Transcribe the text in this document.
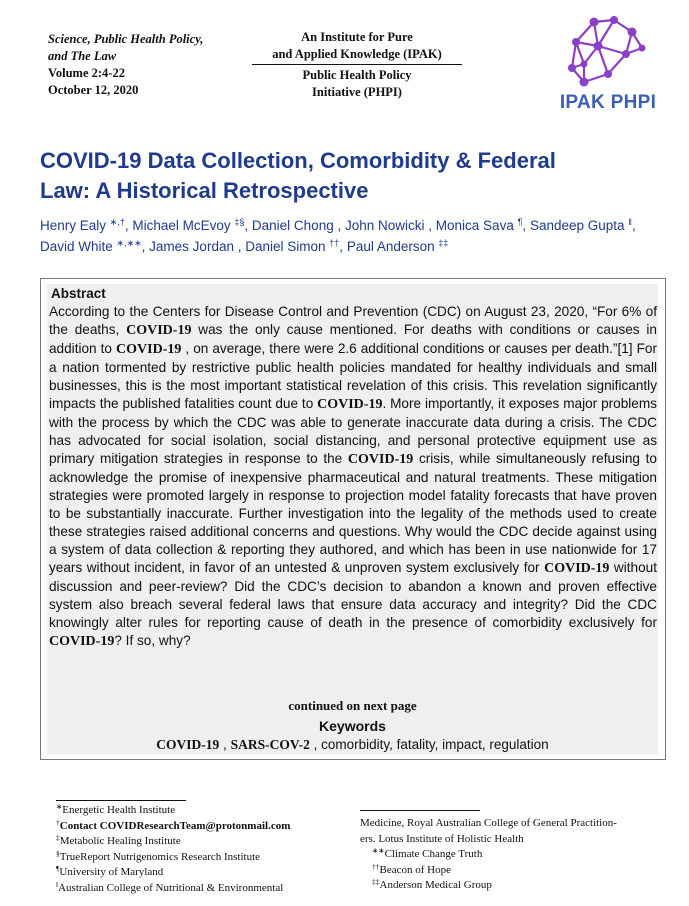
Science, Public Health Policy,
and The Law
Volume 2:4-22
October 12, 2020
An Institute for Pure
and Applied Knowledge (IPAK)
Public Health Policy
Initiative (PHPI)	IPAK PHPI
COVID-19 Data Collection, Comorbidity & Federal
Law: A Historical Retrospective
Henry Ealy ∗,†, Michael McEvoy ‡§, Daniel Chong , John Nowicki , Monica Sava ¶, Sandeep Gupta ‖, David White ∗,∗∗, James Jordan , Daniel Simon ††, Paul Anderson ‡‡
Abstract

According to the Centers for Disease Control and Prevention (CDC) on August 23, 2020, “For 6% of the deaths, COVID-19 was the only cause mentioned. For deaths with conditions or causes in addition to COVID-19 , on average, there were 2.6 additional conditions or causes per death.”[1] For a nation tormented by restrictive public health policies mandated for healthy individuals and small businesses, this is the most important statistical revelation of this crisis. This revelation significantly impacts the published fatalities count due to COVID-19. More importantly, it exposes major problems with the process by which the CDC was able to generate inaccurate data during a crisis. The CDC has advocated for social isolation, social distancing, and personal protective equipment use as primary mitigation strategies in response to the COVID-19 crisis, while simultaneously refusing to acknowledge the promise of inexpensive pharmaceutical and natural treatments. These mitigation strategies were promoted largely in response to projection model fatality forecasts that have proven to be substantially inaccurate. Further investigation into the legality of the methods used to create these strategies raised additional concerns and questions. Why would the CDC decide against using a system of data collection & reporting they authored, and which has been in use nationwide for 17 years without incident, in favor of an untested & unproven system exclusively for COVID-19 without discussion and peer-review? Did the CDC’s decision to abandon a known and proven effective system also breach several federal laws that ensure data accuracy and integrity? Did the CDC knowingly alter rules for reporting cause of death in the presence of comorbidity exclusively for COVID-19? If so, why?

continued on next page
Keywords
COVID-19 , SARS-COV-2 , comorbidity, fatality, impact, regulation
∗Energetic Health Institute
†Contact COVIDResearchTeam@protonmail.com
‡Metabolic Healing Institute
§TrueReport Nutrigenomics Research Institute
¶University of Maryland
‖Australian College of Nutritional & Environmental
Medicine, Royal Australian College of General Practition-
ers. Lotus Institute of Holistic Health
∗∗Climate Change Truth
††Beacon of Hope
‡‡Anderson Medical Group
